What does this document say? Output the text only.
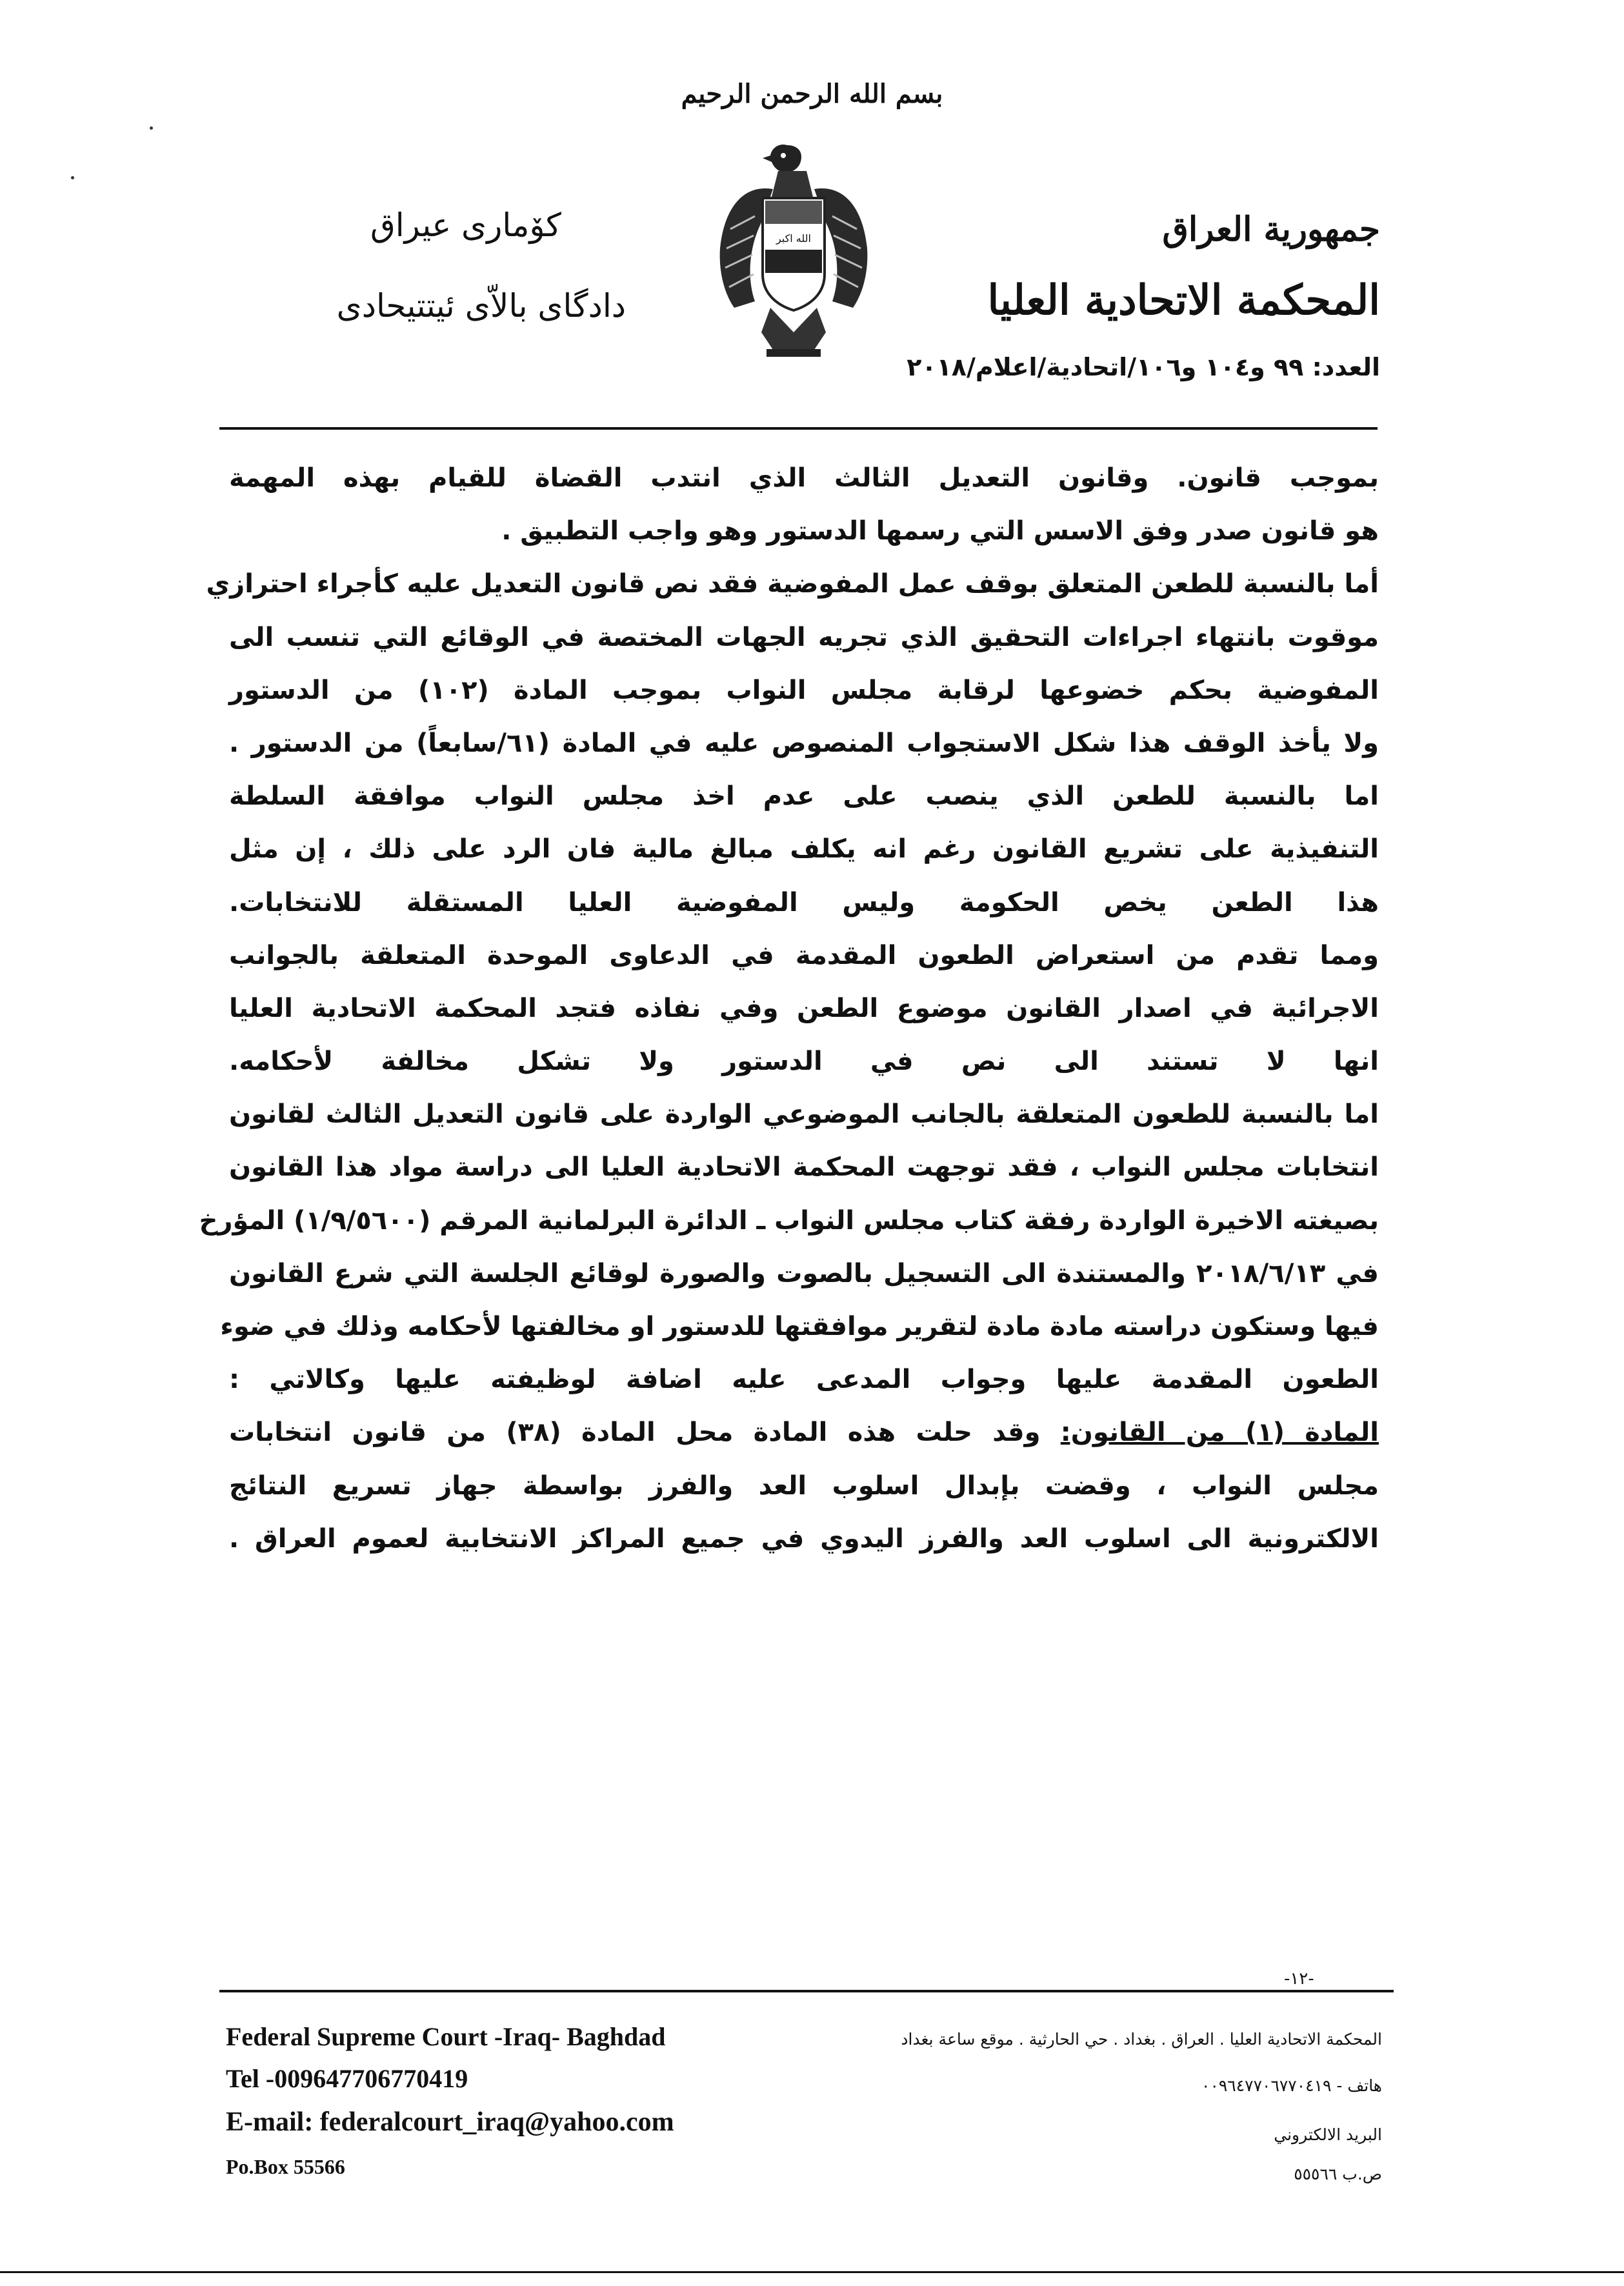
بسم الله الرحمن الرحيم
جمهورية العراق
المحكمة الاتحادية العليا
العدد: ٩٩ و١٠٤ و١٠٦/اتحادية/اعلام/٢٠١٨
کۆماری عیراق
دادگای بالاّی ئیتتیحادی
الله اكبر
بموجب قانون. وقانون التعديل الثالث الذي انتدب القضاة للقيام بهذه المهمة
هو قانون صدر وفق الاسس التي رسمها الدستور وهو واجب التطبيق .
أما بالنسبة للطعن المتعلق بوقف عمل المفوضية فقد نص قانون التعديل عليه كأجراء احترازي
موقوت بانتهاء اجراءات التحقيق الذي تجريه الجهات المختصة في الوقائع التي تنسب الى
المفوضية بحكم خضوعها لرقابة مجلس النواب بموجب المادة (١٠٢) من الدستور
ولا يأخذ الوقف هذا شكل الاستجواب المنصوص عليه في المادة (٦١/سابعاً) من الدستور .
اما بالنسبة للطعن الذي ينصب على عدم اخذ مجلس النواب موافقة السلطة
التنفيذية على تشريع القانون رغم انه يكلف مبالغ مالية فان الرد على ذلك ، إن مثل
هذا الطعن يخص الحكومة وليس المفوضية العليا المستقلة للانتخابات.
ومما تقدم من استعراض الطعون المقدمة في الدعاوى الموحدة المتعلقة بالجوانب
الاجرائية في اصدار القانون موضوع الطعن وفي نفاذه فتجد المحكمة الاتحادية العليا
انها لا تستند الى نص في الدستور ولا تشكل مخالفة لأحكامه.
اما بالنسبة للطعون المتعلقة بالجانب الموضوعي الواردة على قانون التعديل الثالث لقانون
انتخابات مجلس النواب ، فقد توجهت المحكمة الاتحادية العليا الى دراسة مواد هذا القانون
بصيغته الاخيرة الواردة رفقة كتاب مجلس النواب ـ الدائرة البرلمانية المرقم (١/٩/٥٦٠٠) المؤرخ
في ٢٠١٨/٦/١٣ والمستندة الى التسجيل بالصوت والصورة لوقائع الجلسة التي شرع القانون
فيها وستكون دراسته مادة مادة لتقرير موافقتها للدستور او مخالفتها لأحكامه وذلك في ضوء
الطعون المقدمة عليها وجواب المدعى عليه اضافة لوظيفته عليها وكالاتي :
المادة (١) من القانون: وقد حلت هذه المادة محل المادة (٣٨) من قانون انتخابات
مجلس النواب ، وقضت بإبدال اسلوب العد والفرز بواسطة جهاز تسريع النتائج
الالكترونية الى اسلوب العد والفرز اليدوي في جميع المراكز الانتخابية لعموم العراق .
-١٢-
Federal Supreme Court -Iraq- Baghdad
Tel -009647706770419
E-mail: federalcourt_iraq@yahoo.com
Po.Box 55566
المحكمة الاتحادية العليا . العراق . بغداد . حي الحارثية . موقع ساعة بغداد
هاتف - ٠٠٩٦٤٧٧٠٦٧٧٠٤١٩
البريد الالكتروني
ص.ب ٥٥٥٦٦
